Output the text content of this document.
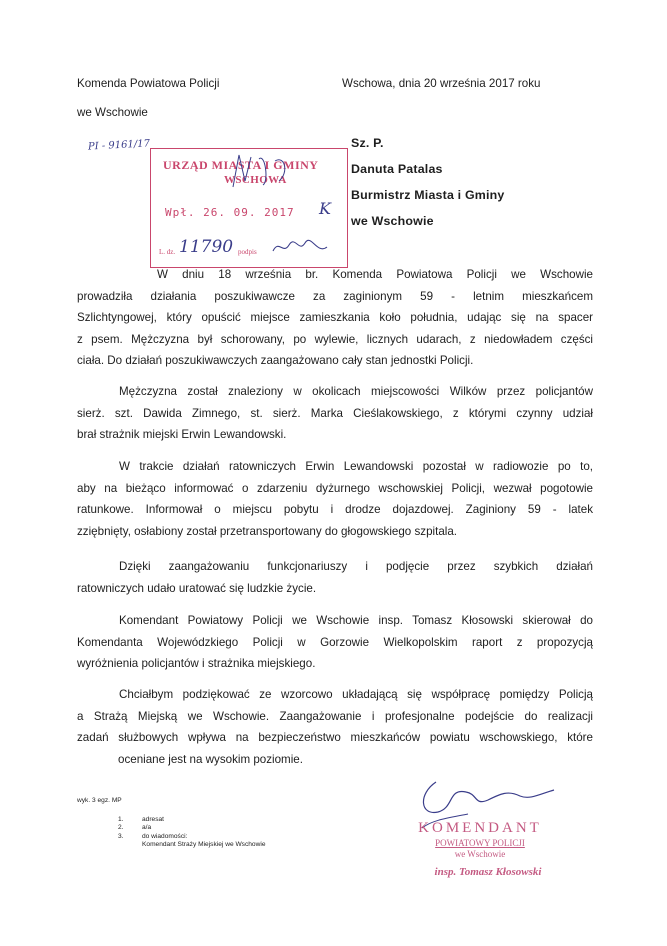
Komenda Powiatowa Policji
we Wschowie
Wschowa, dnia 20 września 2017 roku
Sz. P.
Danuta Patalas
Burmistrz Miasta i Gminy
we Wschowie
PI - 9161/17
URZĄD MIASTA I GMINY
WSCHOWA
Wpł. 26. 09. 2017
L. dz.	podpis
11790
K
W dniu 18 września br. Komenda Powiatowa Policji we Wschowie
prowadziła działania poszukiwawcze za zaginionym 59 - letnim mieszkańcem
Szlichtyngowej, który opuścić miejsce zamieszkania koło południa, udając się na spacer
z psem. Mężczyzna był schorowany, po wylewie, licznych udarach, z niedowładem części
ciała. Do działań poszukiwawczych zaangażowano cały stan jednostki Policji.
Mężczyzna został znaleziony w okolicach miejscowości Wilków przez policjantów
sierż. szt. Dawida Zimnego, st. sierż. Marka Cieślakowskiego, z którymi czynny udział
brał strażnik miejski Erwin Lewandowski.
W trakcie działań ratowniczych Erwin Lewandowski pozostał w radiowozie po to,
aby na bieżąco informować o zdarzeniu dyżurnego wschowskiej Policji, wezwał pogotowie
ratunkowe. Informował o miejscu pobytu i drodze dojazdowej. Zaginiony 59 - latek
zziębnięty, osłabiony został przetransportowany do głogowskiego szpitala.
Dzięki zaangażowaniu funkcjonariuszy i podjęcie przez szybkich działań
ratowniczych udało uratować się ludzkie życie.
Komendant Powiatowy Policji we Wschowie insp. Tomasz Kłosowski skierował do
Komendanta Wojewódzkiego Policji w Gorzowie Wielkopolskim raport z propozycją
wyróżnienia policjantów i strażnika miejskiego.
Chciałbym podziękować ze wzorcowo układającą się współpracę pomiędzy Policją
a Strażą Miejską we Wschowie. Zaangażowanie i profesjonalne podejście do realizacji
zadań służbowych wpływa na bezpieczeństwo mieszkańców powiatu wschowskiego, które
oceniane jest na wysokim poziomie.
wyk. 3 egz. MP
1.	adresat
2.	a/a
3.	do wiadomości:
Komendant Straży Miejskiej we Wschowie
KOMENDANT
POWIATOWY POLICJI
we Wschowie
insp. Tomasz Kłosowski
